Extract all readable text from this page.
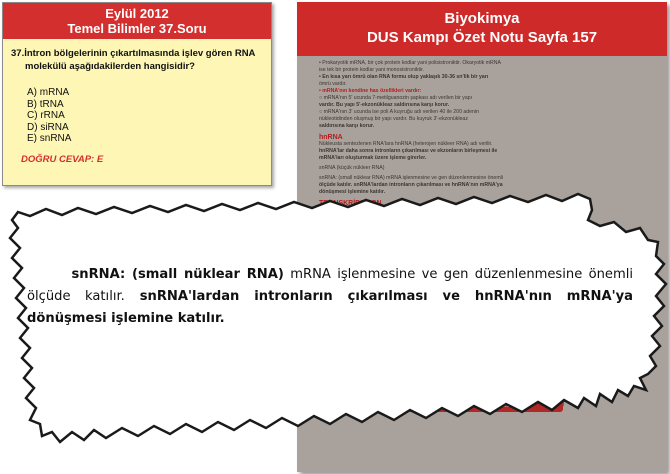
Eylül 2012
Temel Bilimler 37.Soru
37.İntron bölgelerinin çıkartılmasında işlev gören RNA
molekülü aşağıdakilerden hangisidir?
A) mRNA
B) tRNA
C) rRNA
D) siRNA
E) snRNA
DOĞRU CEVAP: E
Biyokimya
DUS Kampı Özet Notu Sayfa 157
• Prokaryotik mRNA, bir çok protein kodlar yani polisistroniktir. Ökaryotik mRNA
ise tek bir protein kodlar yani monosistroniktir.
• En kısa yarı ömrü olan RNA formu olup yaklaşık 30-36 sn'lik bir yarı
ömrü vardır.
• mRNA'nın kendine has özellikleri vardır:
○ mRNA'nın 5' ucunda 7-metilguanozin şapkası adı verilen bir yapı
vardır. Bu yapı 5'-ekzonükleaz saldırısına karşı korur.
○ mRNA'nın 3' ucunda ise poli A kuyruğu adı verilen 40 ile 200 adenin
nükleotidinden oluşmuş bir yapı vardır. Bu kuyruk 3'-ekzonükleaz
saldırısına karşı korur.
hnRNA
Nükleusta sentezlenen RNA'lara hnRNA (heterojen nükleer RNA) adı verilir.
hnRNA'lar daha sonra intronların çıkarılması ve ekzonların birleşmesi ile
mRNA'ları oluşturmak üzere işleme girerler.
snRNA (küçük nükleer RNA)
snRNA: (small nüklear RNA) mRNA işlenmesine ve gen düzenlenmesine önemli
ölçüde katılır. snRNA'lardan intronların çıkarılması ve hnRNA'nın mRNA'ya
dönüşmesi işlemine katılır.
TRANSKRİPSİYON
snRNA: (small nüklear RNA) mRNA işlenmesine ve gen düzenlenmesine önemli ölçüde katılır. snRNA'lardan intronların çıkarılması ve hnRNA'nın mRNA'ya dönüşmesi işlemine katılır.
